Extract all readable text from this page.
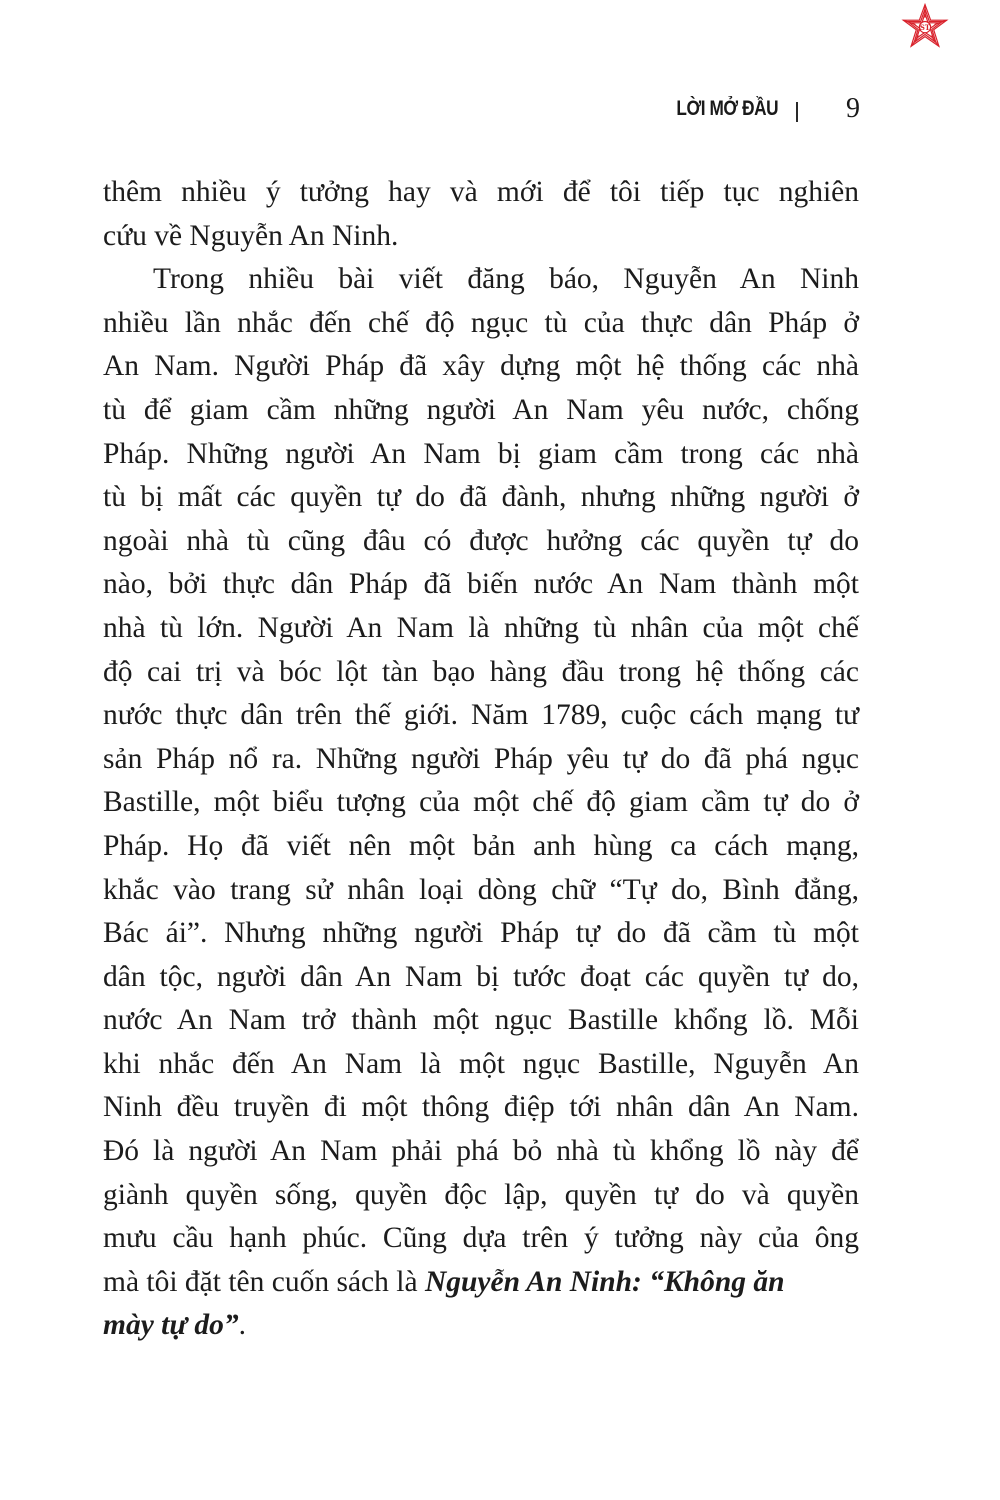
ST
LỜI MỞ ĐẦU 9
thêm nhiều ý tưởng hay và mới để tôi tiếp tục nghiên
cứu về Nguyễn An Ninh.
Trong nhiều bài viết đăng báo, Nguyễn An Ninh
nhiều lần nhắc đến chế độ ngục tù của thực dân Pháp ở
An Nam. Người Pháp đã xây dựng một hệ thống các nhà
tù để giam cầm những người An Nam yêu nước, chống
Pháp. Những người An Nam bị giam cầm trong các nhà
tù bị mất các quyền tự do đã đành, nhưng những người ở
ngoài nhà tù cũng đâu có được hưởng các quyền tự do
nào, bởi thực dân Pháp đã biến nước An Nam thành một
nhà tù lớn. Người An Nam là những tù nhân của một chế
độ cai trị và bóc lột tàn bạo hàng đầu trong hệ thống các
nước thực dân trên thế giới. Năm 1789, cuộc cách mạng tư
sản Pháp nổ ra. Những người Pháp yêu tự do đã phá ngục
Bastille, một biểu tượng của một chế độ giam cầm tự do ở
Pháp. Họ đã viết nên một bản anh hùng ca cách mạng,
khắc vào trang sử nhân loại dòng chữ “Tự do, Bình đẳng,
Bác ái”. Nhưng những người Pháp tự do đã cầm tù một
dân tộc, người dân An Nam bị tước đoạt các quyền tự do,
nước An Nam trở thành một ngục Bastille khổng lồ. Mỗi
khi nhắc đến An Nam là một ngục Bastille, Nguyễn An
Ninh đều truyền đi một thông điệp tới nhân dân An Nam.
Đó là người An Nam phải phá bỏ nhà tù khổng lồ này để
giành quyền sống, quyền độc lập, quyền tự do và quyền
mưu cầu hạnh phúc. Cũng dựa trên ý tưởng này của ông
mà tôi đặt tên cuốn sách là Nguyễn An Ninh: “Không ăn
mày tự do”.
